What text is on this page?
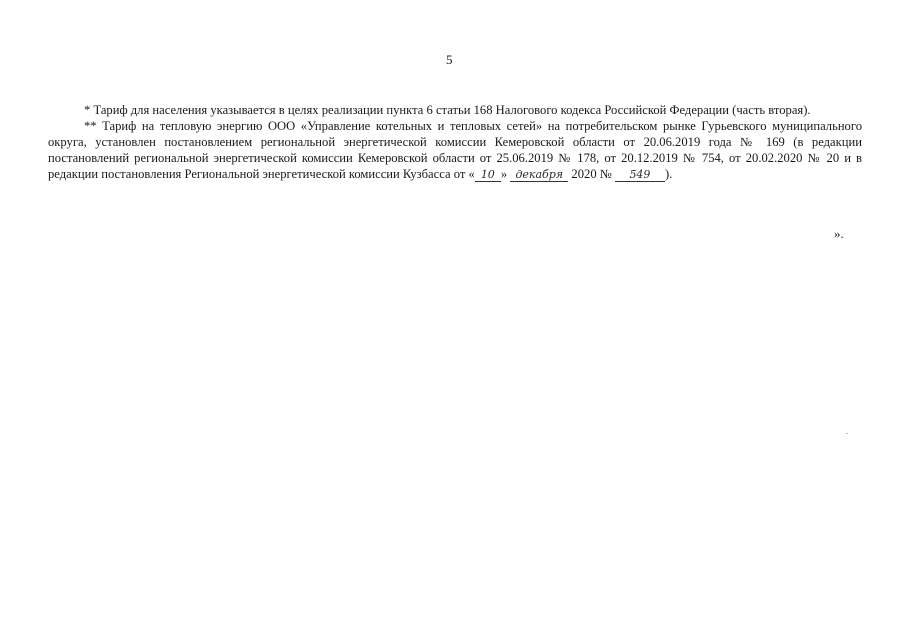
5

* Тариф для населения указывается в целях реализации пункта 6 статьи 168 Налогового кодекса Российской Федерации (часть вторая).

** Тариф на тепловую энергию ООО «Управление котельных и тепловых сетей» на потребительском рынке Гурьевского муниципального округа, установлен постановлением региональной энергетической комиссии Кемеровской области от 20.06.2019 года № 169 (в редакции постановлений региональной энергетической комиссии Кемеровской области от 25.06.2019 № 178, от 20.12.2019 № 754, от 20.02.2020 № 20 и в редакции постановления Региональной энергетической комиссии Кузбасса от « 10 » декабря 2020 № 549 ).

».
